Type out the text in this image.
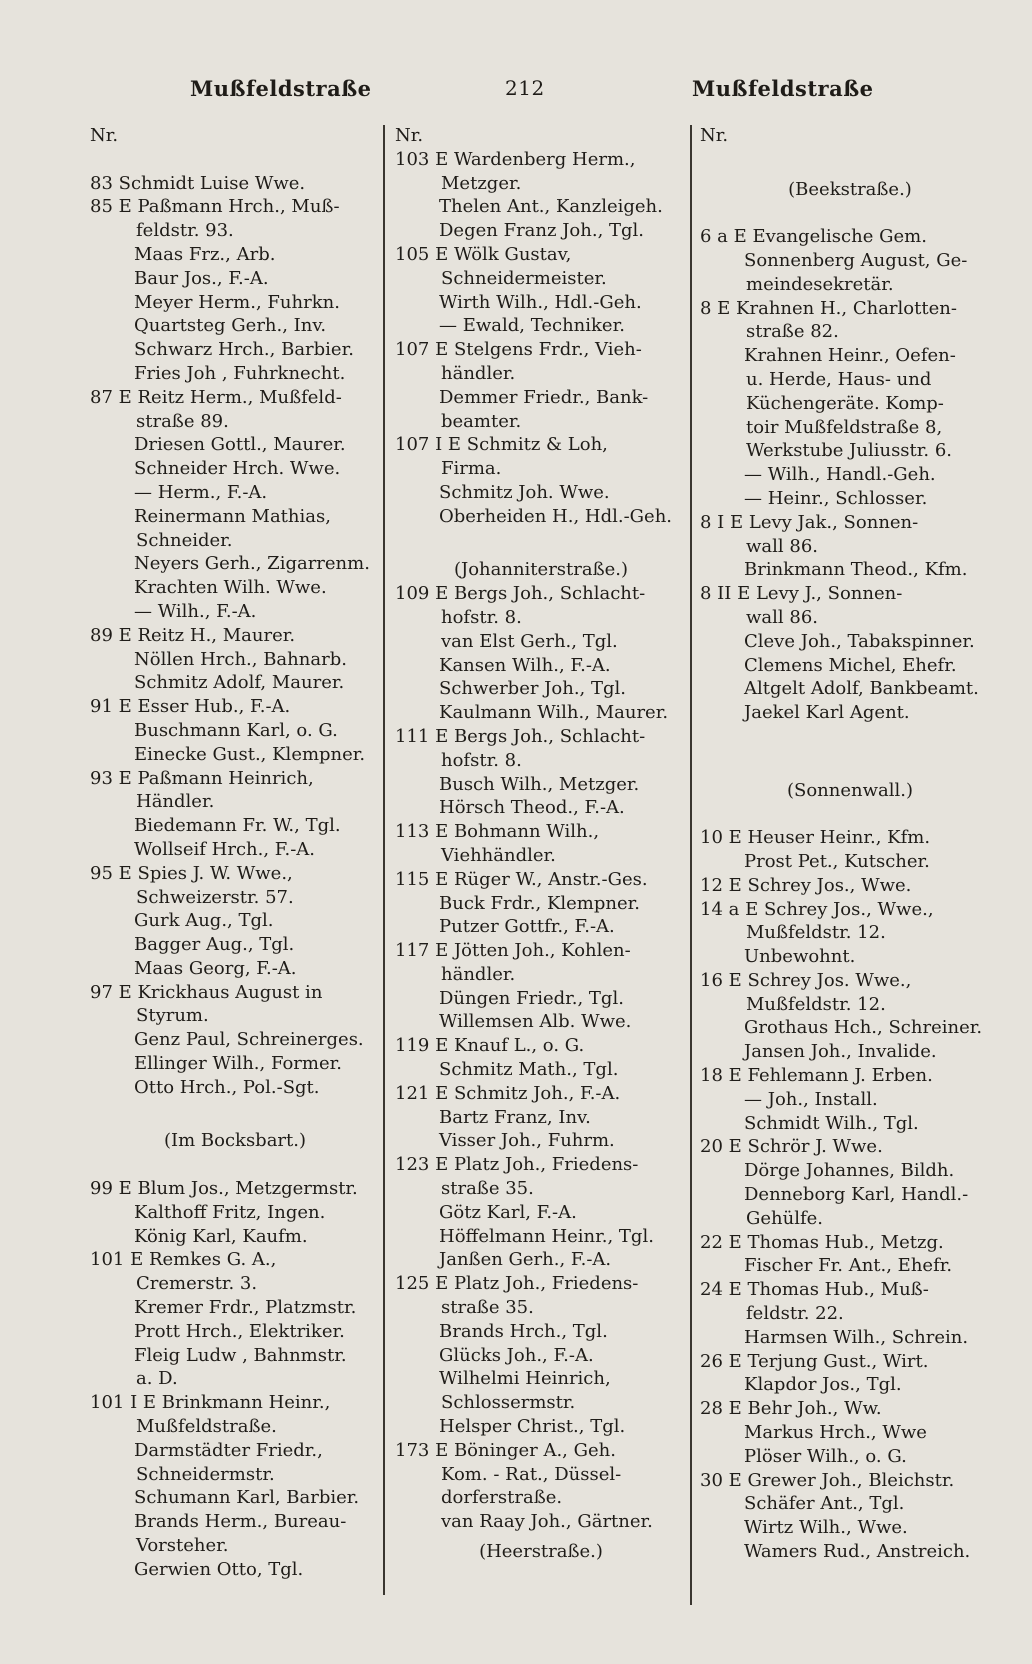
Mußfeldstraße	212	Mußfeldstraße

Nr.

83 Schmidt Luise Wwe.

85 E Paßmann Hrch., Muß-

feldstr. 93.

Maas Frz., Arb.

Baur Jos., F.-A.

Meyer Herm., Fuhrkn.

Quartsteg Gerh., Inv.

Schwarz Hrch., Barbier.

Fries Joh , Fuhrknecht.

87 E Reitz Herm., Mußfeld-

straße 89.

Driesen Gottl., Maurer.

Schneider Hrch. Wwe.

— Herm., F.-A.

Reinermann Mathias,

Schneider.

Neyers Gerh., Zigarrenm.

Krachten Wilh. Wwe.

— Wilh., F.-A.

89 E Reitz H., Maurer.

Nöllen Hrch., Bahnarb.

Schmitz Adolf, Maurer.

91 E Esser Hub., F.-A.

Buschmann Karl, o. G.

Einecke Gust., Klempner.

93 E Paßmann Heinrich,

Händler.

Biedemann Fr. W., Tgl.

Wollseif Hrch., F.-A.

95 E Spies J. W. Wwe.,

Schweizerstr. 57.

Gurk Aug., Tgl.

Bagger Aug., Tgl.

Maas Georg, F.-A.

97 E Krickhaus August in

Styrum.

Genz Paul, Schreinerges.

Ellinger Wilh., Former.

Otto Hrch., Pol.-Sgt.

(Im Bocksbart.)

99 E Blum Jos., Metzgermstr.

Kalthoff Fritz, Ingen.

König Karl, Kaufm.

101 E Remkes G. A.,

Cremerstr. 3.

Kremer Frdr., Platzmstr.

Prott Hrch., Elektriker.

Fleig Ludw , Bahnmstr.

a. D.

101 I E Brinkmann Heinr.,

Mußfeldstraße.

Darmstädter Friedr.,

Schneidermstr.

Schumann Karl, Barbier.

Brands Herm., Bureau-

Vorsteher.

Gerwien Otto, Tgl.

Nr.

103 E Wardenberg Herm.,

Metzger.

Thelen Ant., Kanzleigeh.

Degen Franz Joh., Tgl.

105 E Wölk Gustav,

Schneidermeister.

Wirth Wilh., Hdl.-Geh.

— Ewald, Techniker.

107 E Stelgens Frdr., Vieh-

händler.

Demmer Friedr., Bank-

beamter.

107 I E Schmitz & Loh,

Firma.

Schmitz Joh. Wwe.

Oberheiden H., Hdl.-Geh.

(Johanniterstraße.)

109 E Bergs Joh., Schlacht-

hofstr. 8.

van Elst Gerh., Tgl.

Kansen Wilh., F.-A.

Schwerber Joh., Tgl.

Kaulmann Wilh., Maurer.

111 E Bergs Joh., Schlacht-

hofstr. 8.

Busch Wilh., Metzger.

Hörsch Theod., F.-A.

113 E Bohmann Wilh.,

Viehhändler.

115 E Rüger W., Anstr.-Ges.

Buck Frdr., Klempner.

Putzer Gottfr., F.-A.

117 E Jötten Joh., Kohlen-

händler.

Düngen Friedr., Tgl.

Willemsen Alb. Wwe.

119 E Knauf L., o. G.

Schmitz Math., Tgl.

121 E Schmitz Joh., F.-A.

Bartz Franz, Inv.

Visser Joh., Fuhrm.

123 E Platz Joh., Friedens-

straße 35.

Götz Karl, F.-A.

Höffelmann Heinr., Tgl.

Janßen Gerh., F.-A.

125 E Platz Joh., Friedens-

straße 35.

Brands Hrch., Tgl.

Glücks Joh., F.-A.

Wilhelmi Heinrich,

Schlossermstr.

Helsper Christ., Tgl.

173 E Böninger A., Geh.

Kom. - Rat., Düssel-

dorferstraße.

van Raay Joh., Gärtner.

(Heerstraße.)

Nr.

(Beekstraße.)

6 a E Evangelische Gem.

Sonnenberg August, Ge-

meindesekretär.

8 E Krahnen H., Charlotten-

straße 82.

Krahnen Heinr., Oefen-

u. Herde, Haus- und

Küchengeräte. Komp-

toir Mußfeldstraße 8,

Werkstube Juliusstr. 6.

— Wilh., Handl.-Geh.

— Heinr., Schlosser.

8 I E Levy Jak., Sonnen-

wall 86.

Brinkmann Theod., Kfm.

8 II E Levy J., Sonnen-

wall 86.

Cleve Joh., Tabakspinner.

Clemens Michel, Ehefr.

Altgelt Adolf, Bankbeamt.

Jaekel Karl Agent.

(Sonnenwall.)

10 E Heuser Heinr., Kfm.

Prost Pet., Kutscher.

12 E Schrey Jos., Wwe.

14 a E Schrey Jos., Wwe.,

Mußfeldstr. 12.

Unbewohnt.

16 E Schrey Jos. Wwe.,

Mußfeldstr. 12.

Grothaus Hch., Schreiner.

Jansen Joh., Invalide.

18 E Fehlemann J. Erben.

— Joh., Install.

Schmidt Wilh., Tgl.

20 E Schrör J. Wwe.

Dörge Johannes, Bildh.

Denneborg Karl, Handl.-

Gehülfe.

22 E Thomas Hub., Metzg.

Fischer Fr. Ant., Ehefr.

24 E Thomas Hub., Muß-

feldstr. 22.

Harmsen Wilh., Schrein.

26 E Terjung Gust., Wirt.

Klapdor Jos., Tgl.

28 E Behr Joh., Ww.

Markus Hrch., Wwe

Plöser Wilh., o. G.

30 E Grewer Joh., Bleichstr.

Schäfer Ant., Tgl.

Wirtz Wilh., Wwe.

Wamers Rud., Anstreich.
